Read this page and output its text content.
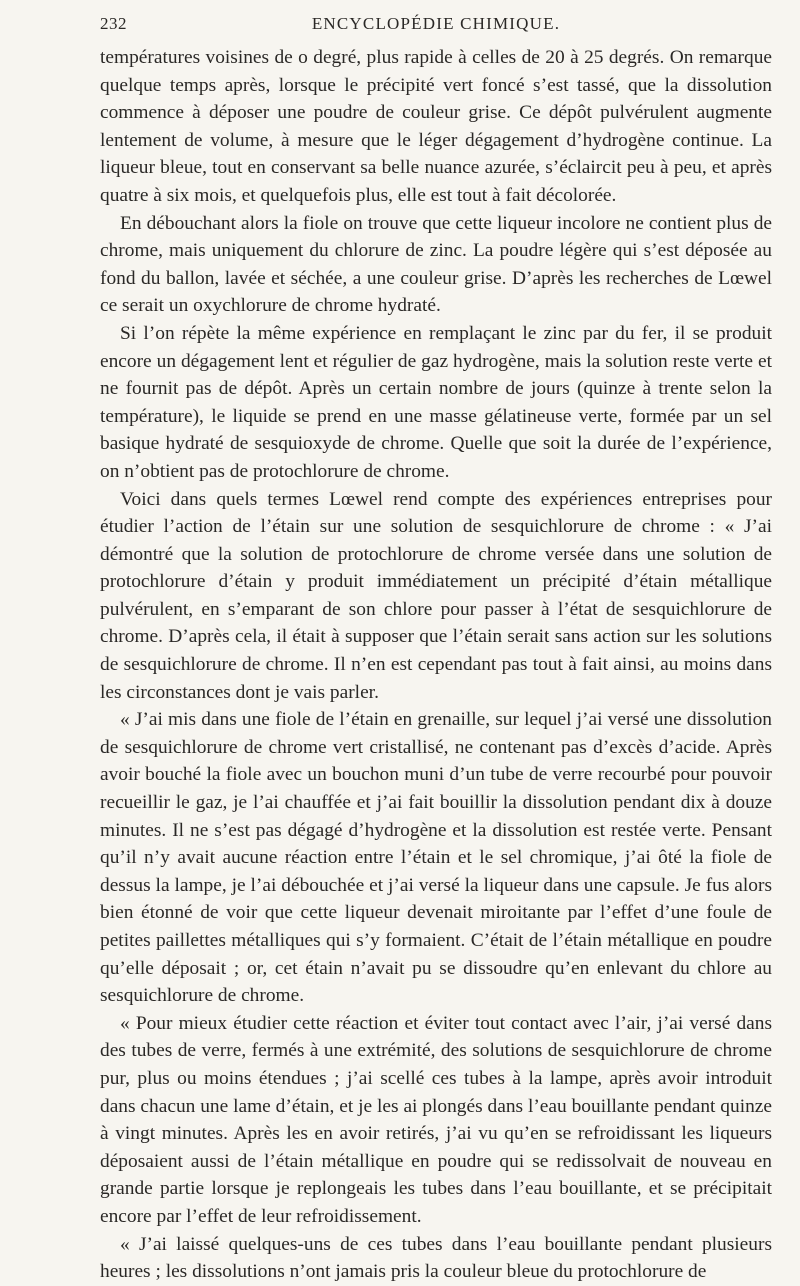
232	ENCYCLOPÉDIE CHIMIQUE.

températures voisines de o degré, plus rapide à celles de 20 à 25 degrés. On remarque quelque temps après, lorsque le précipité vert foncé s’est tassé, que la dissolution commence à déposer une poudre de couleur grise. Ce dépôt pulvérulent augmente lentement de volume, à mesure que le léger dégagement d’hydrogène continue. La liqueur bleue, tout en conservant sa belle nuance azurée, s’éclaircit peu à peu, et après quatre à six mois, et quelquefois plus, elle est tout à fait décolorée.

En débouchant alors la fiole on trouve que cette liqueur incolore ne contient plus de chrome, mais uniquement du chlorure de zinc. La poudre légère qui s’est déposée au fond du ballon, lavée et séchée, a une couleur grise. D’après les recherches de Lœwel ce serait un oxychlorure de chrome hydraté.

Si l’on répète la même expérience en remplaçant le zinc par du fer, il se produit encore un dégagement lent et régulier de gaz hydrogène, mais la solution reste verte et ne fournit pas de dépôt. Après un certain nombre de jours (quinze à trente selon la température), le liquide se prend en une masse gélatineuse verte, formée par un sel basique hydraté de sesquioxyde de chrome. Quelle que soit la durée de l’expérience, on n’obtient pas de protochlorure de chrome.

Voici dans quels termes Lœwel rend compte des expériences entreprises pour étudier l’action de l’étain sur une solution de sesquichlorure de chrome : « J’ai démontré que la solution de protochlorure de chrome versée dans une solution de protochlorure d’étain y produit immédiatement un précipité d’étain métallique pulvérulent, en s’emparant de son chlore pour passer à l’état de sesquichlorure de chrome. D’après cela, il était à supposer que l’étain serait sans action sur les solutions de sesquichlorure de chrome. Il n’en est cependant pas tout à fait ainsi, au moins dans les circonstances dont je vais parler.

« J’ai mis dans une fiole de l’étain en grenaille, sur lequel j’ai versé une dissolution de sesquichlorure de chrome vert cristallisé, ne contenant pas d’excès d’acide. Après avoir bouché la fiole avec un bouchon muni d’un tube de verre recourbé pour pouvoir recueillir le gaz, je l’ai chauffée et j’ai fait bouillir la dissolution pendant dix à douze minutes. Il ne s’est pas dégagé d’hydrogène et la dissolution est restée verte. Pensant qu’il n’y avait aucune réaction entre l’étain et le sel chromique, j’ai ôté la fiole de dessus la lampe, je l’ai débouchée et j’ai versé la liqueur dans une capsule. Je fus alors bien étonné de voir que cette liqueur devenait miroitante par l’effet d’une foule de petites paillettes métalliques qui s’y formaient. C’était de l’étain métallique en poudre qu’elle déposait ; or, cet étain n’avait pu se dissoudre qu’en enlevant du chlore au sesquichlorure de chrome.

« Pour mieux étudier cette réaction et éviter tout contact avec l’air, j’ai versé dans des tubes de verre, fermés à une extrémité, des solutions de sesquichlorure de chrome pur, plus ou moins étendues ; j’ai scellé ces tubes à la lampe, après avoir introduit dans chacun une lame d’étain, et je les ai plongés dans l’eau bouillante pendant quinze à vingt minutes. Après les en avoir retirés, j’ai vu qu’en se refroidissant les liqueurs déposaient aussi de l’étain métallique en poudre qui se redissolvait de nouveau en grande partie lorsque je replongeais les tubes dans l’eau bouillante, et se précipitait encore par l’effet de leur refroidissement.

« J’ai laissé quelques-uns de ces tubes dans l’eau bouillante pendant plusieurs heures ; les dissolutions n’ont jamais pris la couleur bleue du protochlorure de
